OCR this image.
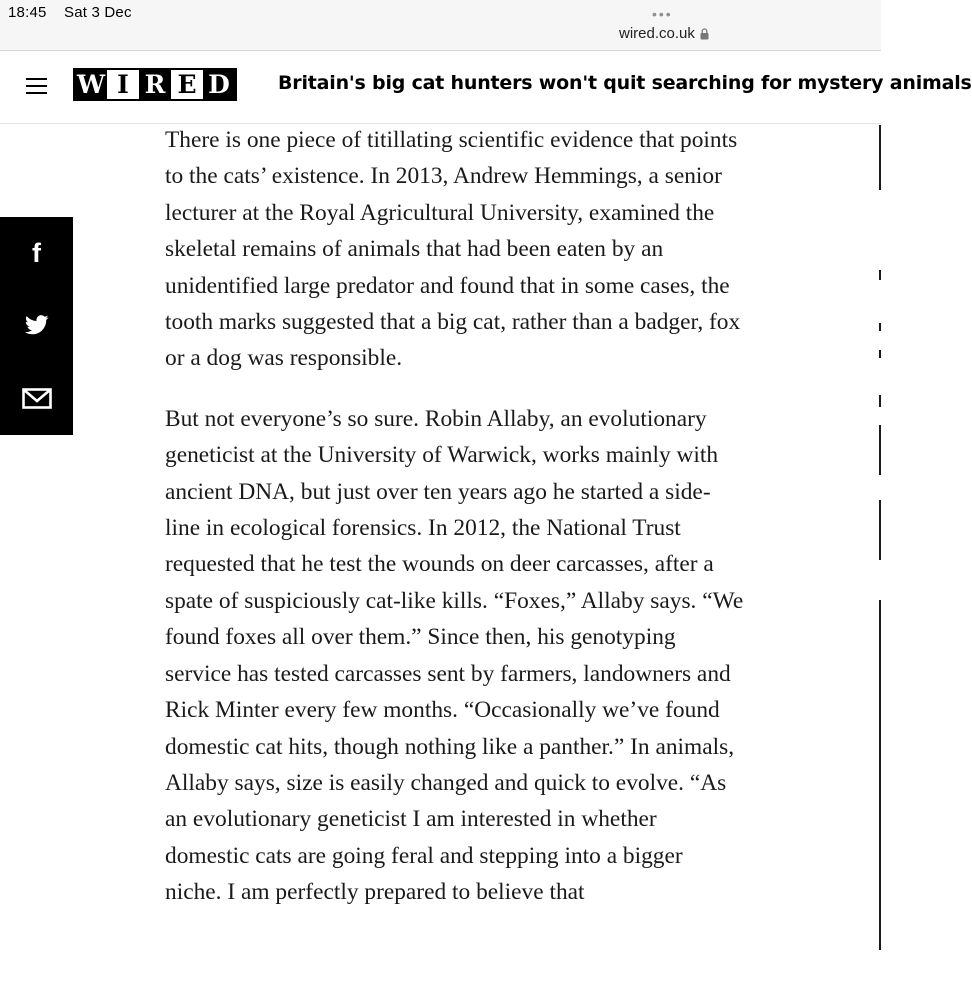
18:45 Sat 3 Dec	•••
wired.co.uk
W I R E D	Britain's big cat hunters won't quit searching for mystery animals
f

There is one piece of titillating scientific evidence that points to the cats’ existence. In 2013, Andrew Hemmings, a senior lecturer at the Royal Agricultural University, examined the skeletal remains of animals that had been eaten by an unidentified large predator and found that in some cases, the tooth marks suggested that a big cat, rather than a badger, fox or a dog was responsible.

But not everyone’s so sure. Robin Allaby, an evolutionary geneticist at the University of Warwick, works mainly with ancient DNA, but just over ten years ago he started a side-line in ecological forensics. In 2012, the National Trust requested that he test the wounds on deer carcasses, after a spate of suspiciously cat-like kills. “Foxes,” Allaby says. “We found foxes all over them.” Since then, his genotyping service has tested carcasses sent by farmers, landowners and Rick Minter every few months. “Occasionally we’ve found domestic cat hits, though nothing like a panther.” In animals, Allaby says, size is easily changed and quick to evolve. “As an evolutionary geneticist I am interested in whether domestic cats are going feral and stepping into a bigger niche. I am perfectly prepared to believe that
